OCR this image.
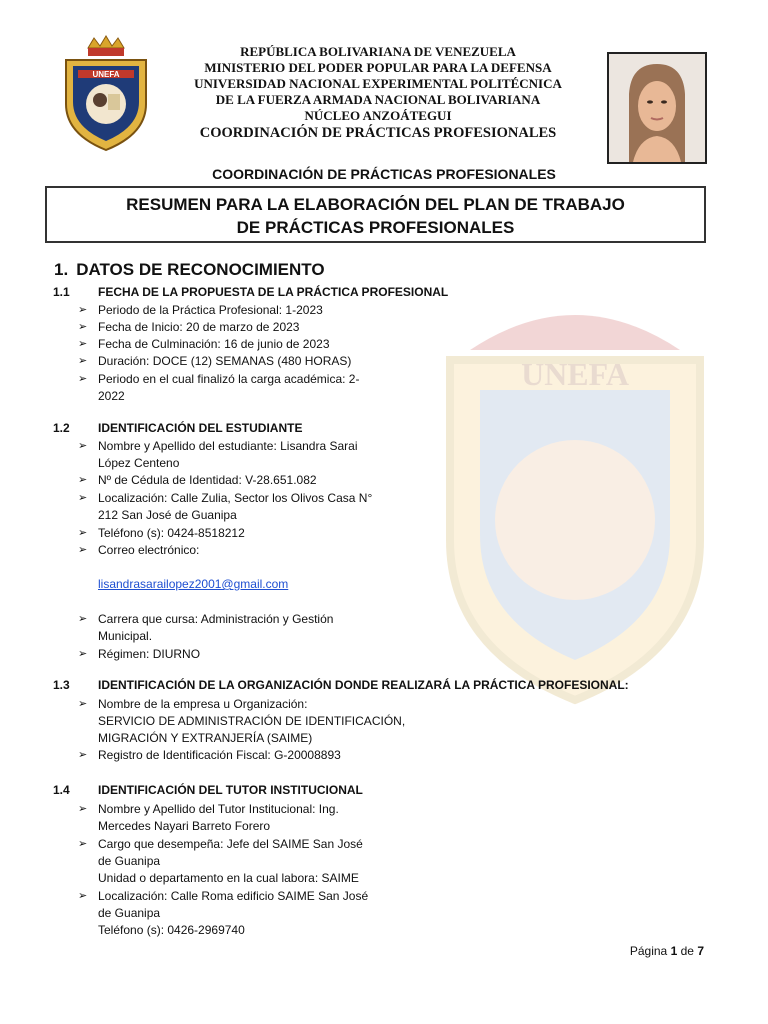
UNEFA
UNEFA
REPÚBLICA BOLIVARIANA DE VENEZUELA
MINISTERIO DEL PODER POPULAR PARA LA DEFENSA
UNIVERSIDAD NACIONAL EXPERIMENTAL POLITÉCNICA
DE LA FUERZA ARMADA NACIONAL BOLIVARIANA
NÚCLEO ANZOÁTEGUI
COORDINACIÓN DE PRÁCTICAS PROFESIONALES
COORDINACIÓN DE PRÁCTICAS PROFESIONALES
RESUMEN PARA LA ELABORACIÓN DEL PLAN DE TRABAJO
DE PRÁCTICAS PROFESIONALES
1. DATOS DE RECONOCIMIENTO
1.1 FECHA DE LA PROPUESTA DE LA PRÁCTICA PROFESIONAL
➢ Periodo de la Práctica Profesional: 1-2023
➢ Fecha de Inicio: 20 de marzo de 2023
➢ Fecha de Culminación: 16 de junio de 2023
➢ Duración: DOCE (12) SEMANAS (480 HORAS)
➢ Periodo en el cual finalizó la carga académica: 2-2022
1.2 IDENTIFICACIÓN DEL ESTUDIANTE
➢ Nombre y Apellido del estudiante: Lisandra Sarai López Centeno
➢ Nº de Cédula de Identidad: V-28.651.082
➢ Localización: Calle Zulia, Sector los Olivos Casa N° 212 San José de Guanipa
➢ Teléfono (s): 0424-8518212
➢ Correo electrónico:
lisandrasarailopez2001@gmail.com
➢ Carrera que cursa: Administración y Gestión Municipal.
➢ Régimen: DIURNO
1.3 IDENTIFICACIÓN DE LA ORGANIZACIÓN DONDE REALIZARÁ LA PRÁCTICA PROFESIONAL:
➢ Nombre de la empresa u Organización:
SERVICIO DE ADMINISTRACIÓN DE IDENTIFICACIÓN,
MIGRACIÓN Y EXTRANJERÍA (SAIME)
➢ Registro de Identificación Fiscal: G-20008893
1.4 IDENTIFICACIÓN DEL TUTOR INSTITUCIONAL
➢ Nombre y Apellido del Tutor Institucional: Ing. Mercedes Nayari Barreto Forero
➢ Cargo que desempeña: Jefe del SAIME San José de Guanipa
Unidad o departamento en la cual labora: SAIME
➢ Localización: Calle Roma edificio SAIME San José de Guanipa
Teléfono (s): 0426-2969740
Página 1 de 7
